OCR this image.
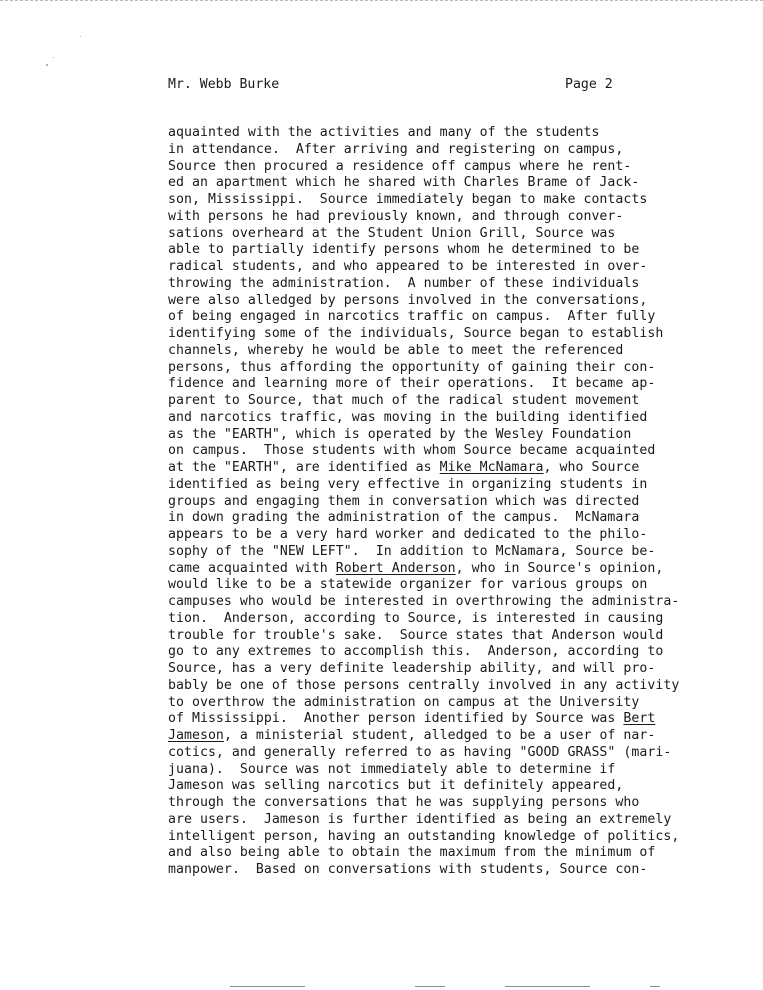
Mr. Webb Burke

	Page 2

aquainted with the activities and many of the students
in attendance.  After arriving and registering on campus,
Source then procured a residence off campus where he rent-
ed an apartment which he shared with Charles Brame of Jack-
son, Mississippi.  Source immediately began to make contacts
with persons he had previously known, and through conver-
sations overheard at the Student Union Grill, Source was
able to partially identify persons whom he determined to be
radical students, and who appeared to be interested in over-
throwing the administration.  A number of these individuals
were also alledged by persons involved in the conversations,
of being engaged in narcotics traffic on campus.  After fully
identifying some of the individuals, Source began to establish
channels, whereby he would be able to meet the referenced
persons, thus affording the opportunity of gaining their con-
fidence and learning more of their operations.  It became ap-
parent to Source, that much of the radical student movement
and narcotics traffic, was moving in the building identified
as the "EARTH", which is operated by the Wesley Foundation
on campus.  Those students with whom Source became acquainted
at the "EARTH", are identified as Mike McNamara, who Source
identified as being very effective in organizing students in
groups and engaging them in conversation which was directed
in down grading the administration of the campus.  McNamara
appears to be a very hard worker and dedicated to the philo-
sophy of the "NEW LEFT".  In addition to McNamara, Source be-
came acquainted with Robert Anderson, who in Source's opinion,
would like to be a statewide organizer for various groups on
campuses who would be interested in overthrowing the administra-
tion.  Anderson, according to Source, is interested in causing
trouble for trouble's sake.  Source states that Anderson would
go to any extremes to accomplish this.  Anderson, according to
Source, has a very definite leadership ability, and will pro-
bably be one of those persons centrally involved in any activity
to overthrow the administration on campus at the University
of Mississippi.  Another person identified by Source was Bert
Jameson, a ministerial student, alledged to be a user of nar-
cotics, and generally referred to as having "GOOD GRASS" (mari-
juana).  Source was not immediately able to determine if
Jameson was selling narcotics but it definitely appeared,
through the conversations that he was supplying persons who
are users.  Jameson is further identified as being an extremely
intelligent person, having an outstanding knowledge of politics,
and also being able to obtain the maximum from the minimum of
manpower.  Based on conversations with students, Source con-
